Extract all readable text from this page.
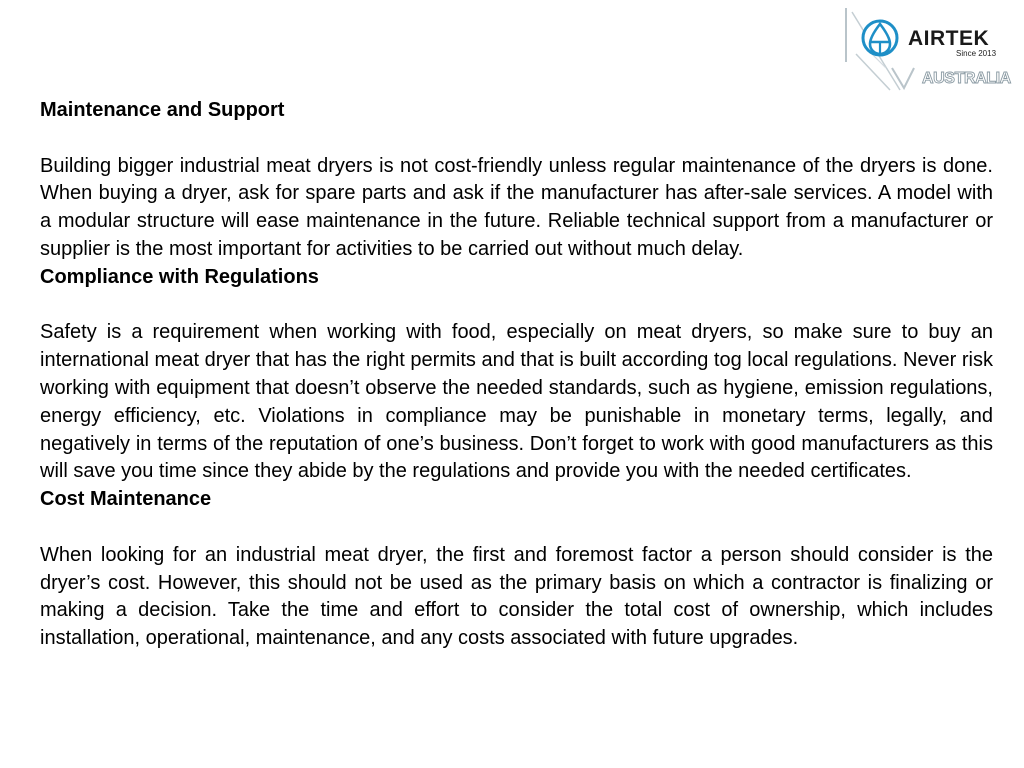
AIRTEK
Since 2013
AUSTRALIA

Maintenance and Support

Building bigger industrial meat dryers is not cost-friendly unless regular maintenance of the dryers is done. When buying a dryer, ask for spare parts and ask if the manufacturer has after-sale services. A model with a modular structure will ease maintenance in the future. Reliable technical support from a manufacturer or supplier is the most important for activities to be carried out without much delay.

Compliance with Regulations

Safety is a requirement when working with food, especially on meat dryers, so make sure to buy an international meat dryer that has the right permits and that is built according tog local regulations. Never risk working with equipment that doesn’t observe the needed standards, such as hygiene, emission regulations, energy efficiency, etc. Violations in compliance may be punishable in monetary terms, legally, and negatively in terms of the reputation of one’s business. Don’t forget to work with good manufacturers as this will save you time since they abide by the regulations and provide you with the needed certificates.

Cost Maintenance

When looking for an industrial meat dryer, the first and foremost factor a person should consider is the dryer’s cost. However, this should not be used as the primary basis on which a contractor is finalizing or making a decision. Take the time and effort to consider the total cost of ownership, which includes installation, operational, maintenance, and any costs associated with future upgrades.
